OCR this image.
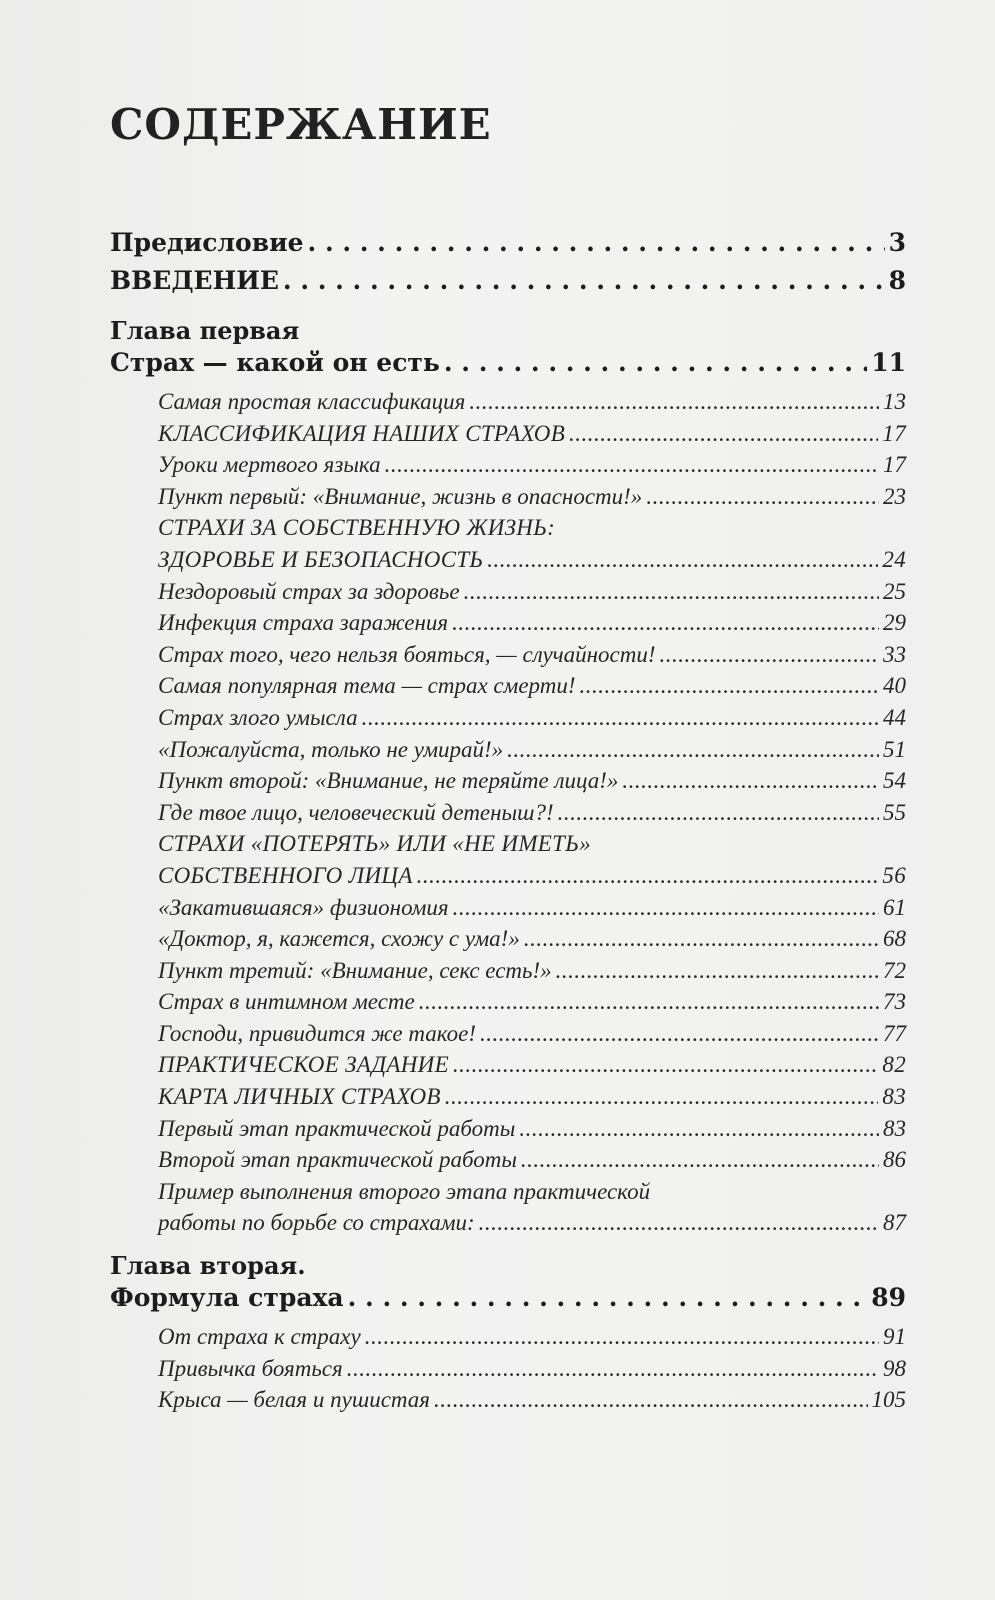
СОДЕРЖАНИЕ
Предисловие . . .	3
ВВЕДЕНИЕ . . .	8
Глава первая
Страх — какой он есть . . .	11
Самая простая классификация .....	13
КЛАССИФИКАЦИЯ НАШИХ СТРАХОВ .....	17
Уроки мертвого языка .....	17
Пункт первый: «Внимание, жизнь в опасности!» .....	23
СТРАХИ ЗА СОБСТВЕННУЮ ЖИЗНЬ:
ЗДОРОВЬЕ И БЕЗОПАСНОСТЬ .....	24
Нездоровый страх за здоровье .....	25
Инфекция страха заражения .....	29
Страх того, чего нельзя бояться, — случайности! .....	33
Самая популярная тема — страх смерти! .....	40
Страх злого умысла .....	44
«Пожалуйста, только не умирай!» .....	51
Пункт второй: «Внимание, не теряйте лица!» .....	54
Где твое лицо, человеческий детеныш?! .....	55
СТРАХИ «ПОТЕРЯТЬ» ИЛИ «НЕ ИМЕТЬ»
СОБСТВЕННОГО ЛИЦА .....	56
«Закатившаяся» физиономия .....	61
«Доктор, я, кажется, схожу с ума!» .....	68
Пункт третий: «Внимание, секс есть!» .....	72
Страх в интимном месте .....	73
Господи, привидится же такое! .....	77
ПРАКТИЧЕСКОЕ ЗАДАНИЕ .....	82
КАРТА ЛИЧНЫХ СТРАХОВ .....	83
Первый этап практической работы .....	83
Второй этап практической работы .....	86
Пример выполнения второго этапа практической
работы по борьбе со страхами: .....	87
Глава вторая.
Формула страха . . .	89
От страха к страху .....	91
Привычка бояться .....	98
Крыса — белая и пушистая .....	105
